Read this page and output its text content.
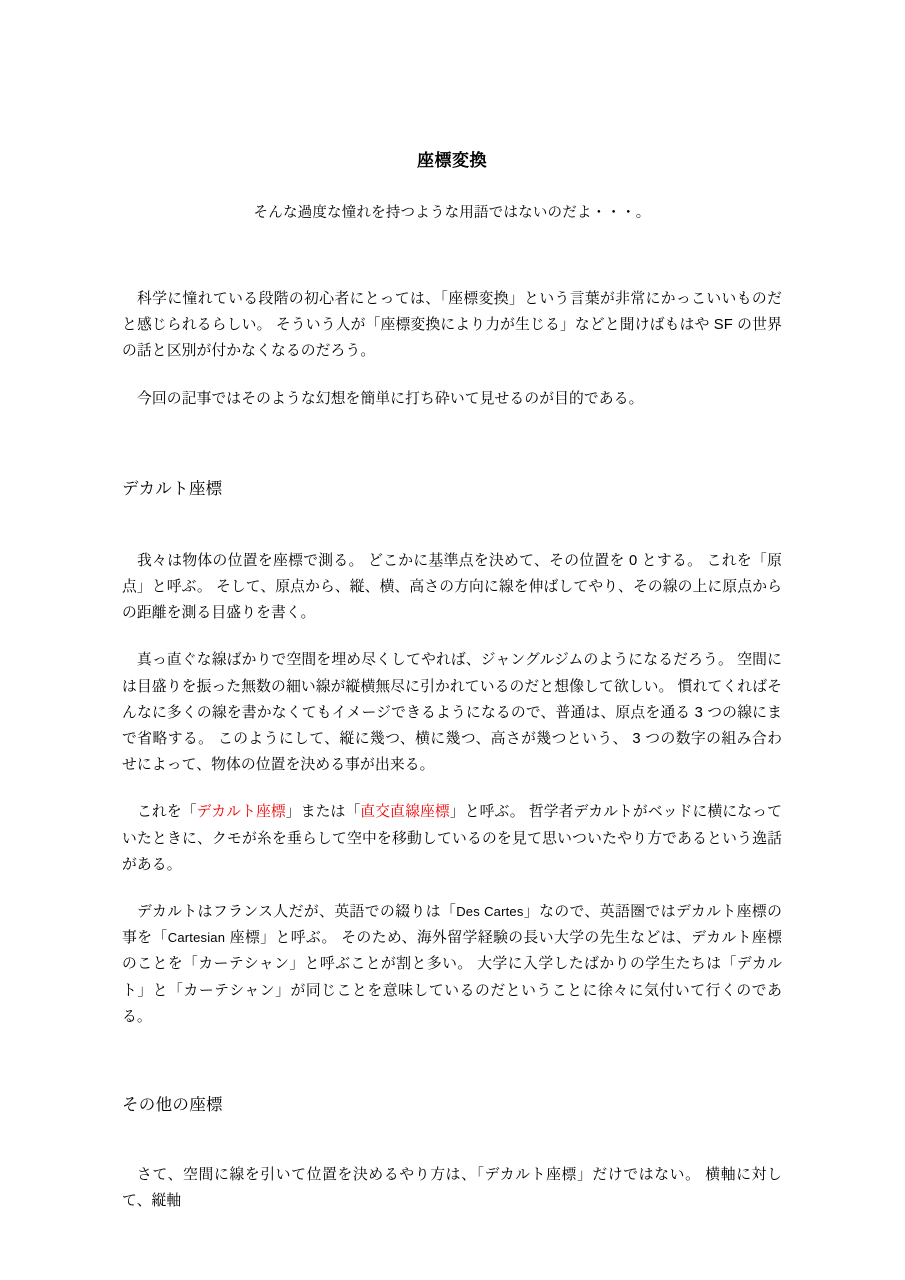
座標変換
そんな過度な憧れを持つような用語ではないのだよ・・・。

科学に憧れている段階の初心者にとっては、「座標変換」という言葉が非常にかっこいいものだと感じられるらしい。 そういう人が「座標変換により力が生じる」などと聞けばもはや SF の世界の話と区別が付かなくなるのだろう。

今回の記事ではそのような幻想を簡単に打ち砕いて見せるのが目的である。

デカルト座標

我々は物体の位置を座標で測る。 どこかに基準点を決めて、その位置を 0 とする。 これを「原点」と呼ぶ。 そして、原点から、縦、横、高さの方向に線を伸ばしてやり、その線の上に原点からの距離を測る目盛りを書く。

真っ直ぐな線ばかりで空間を埋め尽くしてやれば、ジャングルジムのようになるだろう。 空間には目盛りを振った無数の細い線が縦横無尽に引かれているのだと想像して欲しい。 慣れてくればそんなに多くの線を書かなくてもイメージできるようになるので、普通は、原点を通る 3 つの線にまで省略する。 このようにして、縦に幾つ、横に幾つ、高さが幾つという、 3 つの数字の組み合わせによって、物体の位置を決める事が出来る。

これを「デカルト座標」または「直交直線座標」と呼ぶ。 哲学者デカルトがベッドに横になっていたときに、クモが糸を垂らして空中を移動しているのを見て思いついたやり方であるという逸話がある。

デカルトはフランス人だが、英語での綴りは「Des Cartes」なので、英語圏ではデカルト座標の事を「Cartesian 座標」と呼ぶ。 そのため、海外留学経験の長い大学の先生などは、デカルト座標のことを「カーテシャン」と呼ぶことが割と多い。 大学に入学したばかりの学生たちは「デカルト」と「カーテシャン」が同じことを意味しているのだということに徐々に気付いて行くのである。

その他の座標

さて、空間に線を引いて位置を決めるやり方は、「デカルト座標」だけではない。 横軸に対して、縦軸
